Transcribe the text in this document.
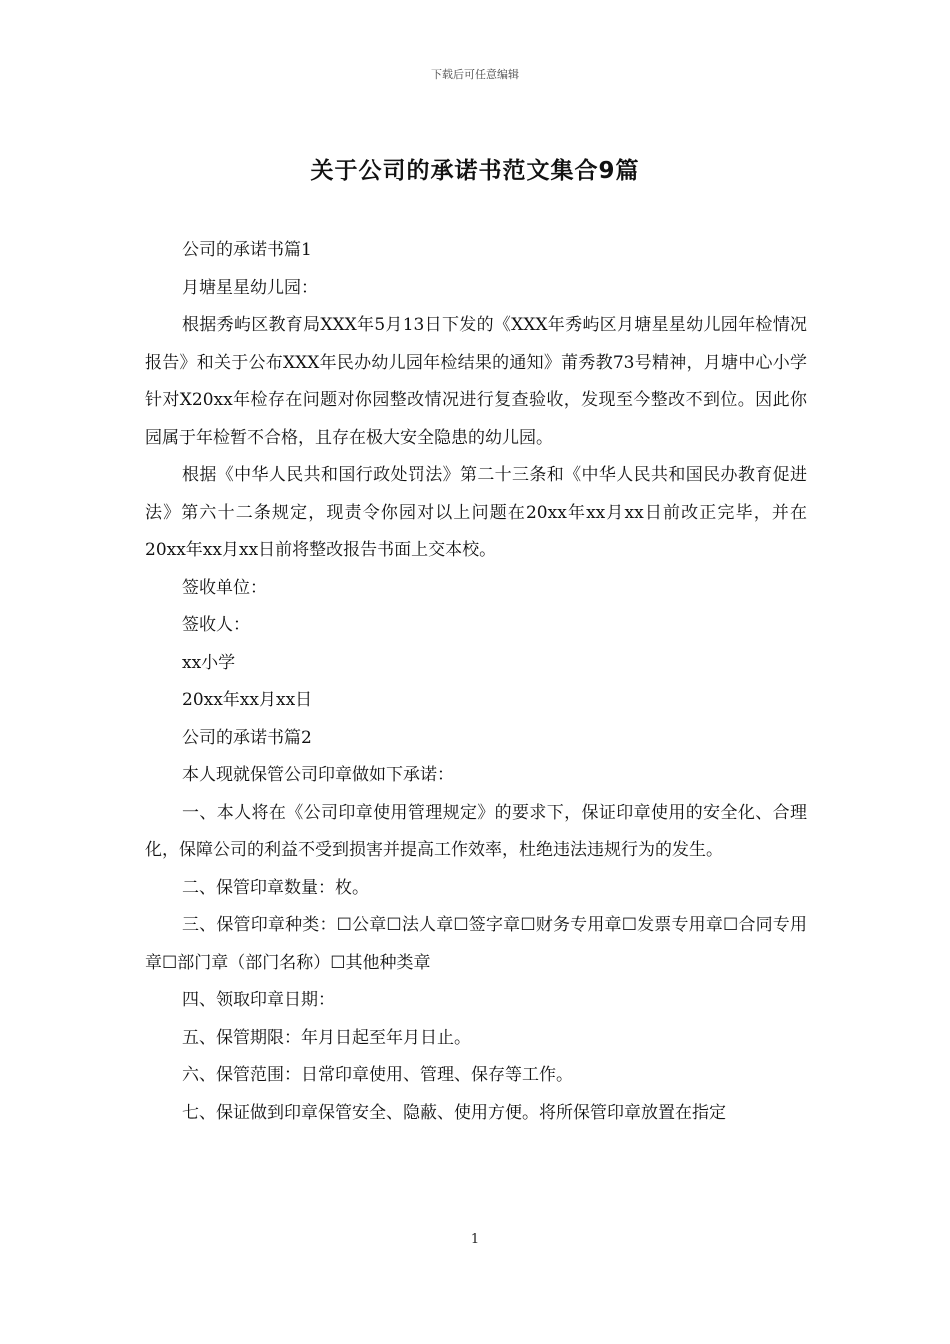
下载后可任意编辑
关于公司的承诺书范文集合9篇

公司的承诺书篇1

月塘星星幼儿园：

根据秀屿区教育局XXX年5月13日下发的《XXX年秀屿区月塘星星幼儿园年检情况报告》和关于公布XXX年民办幼儿园年检结果的通知》莆秀教73号精神，月塘中心小学针对X20xx年检存在问题对你园整改情况进行复查验收，发现至今整改不到位。因此你园属于年检暂不合格，且存在极大安全隐患的幼儿园。

根据《中华人民共和国行政处罚法》第二十三条和《中华人民共和国民办教育促进法》第六十二条规定，现责令你园对以上问题在20xx年xx月xx日前改正完毕，并在20xx年xx月xx日前将整改报告书面上交本校。

签收单位：

签收人：

xx小学

20xx年xx月xx日

公司的承诺书篇2

本人现就保管公司印章做如下承诺：

一、本人将在《公司印章使用管理规定》的要求下，保证印章使用的安全化、合理化，保障公司的利益不受到损害并提高工作效率，杜绝违法违规行为的发生。

二、保管印章数量：枚。

三、保管印章种类：☐公章☐法人章☐签字章☐财务专用章☐发票专用章☐合同专用章☐部门章（部门名称）☐其他种类章

四、领取印章日期：

五、保管期限：年月日起至年月日止。

六、保管范围：日常印章使用、管理、保存等工作。

七、保证做到印章保管安全、隐蔽、使用方便。将所保管印章放置在指定

1
